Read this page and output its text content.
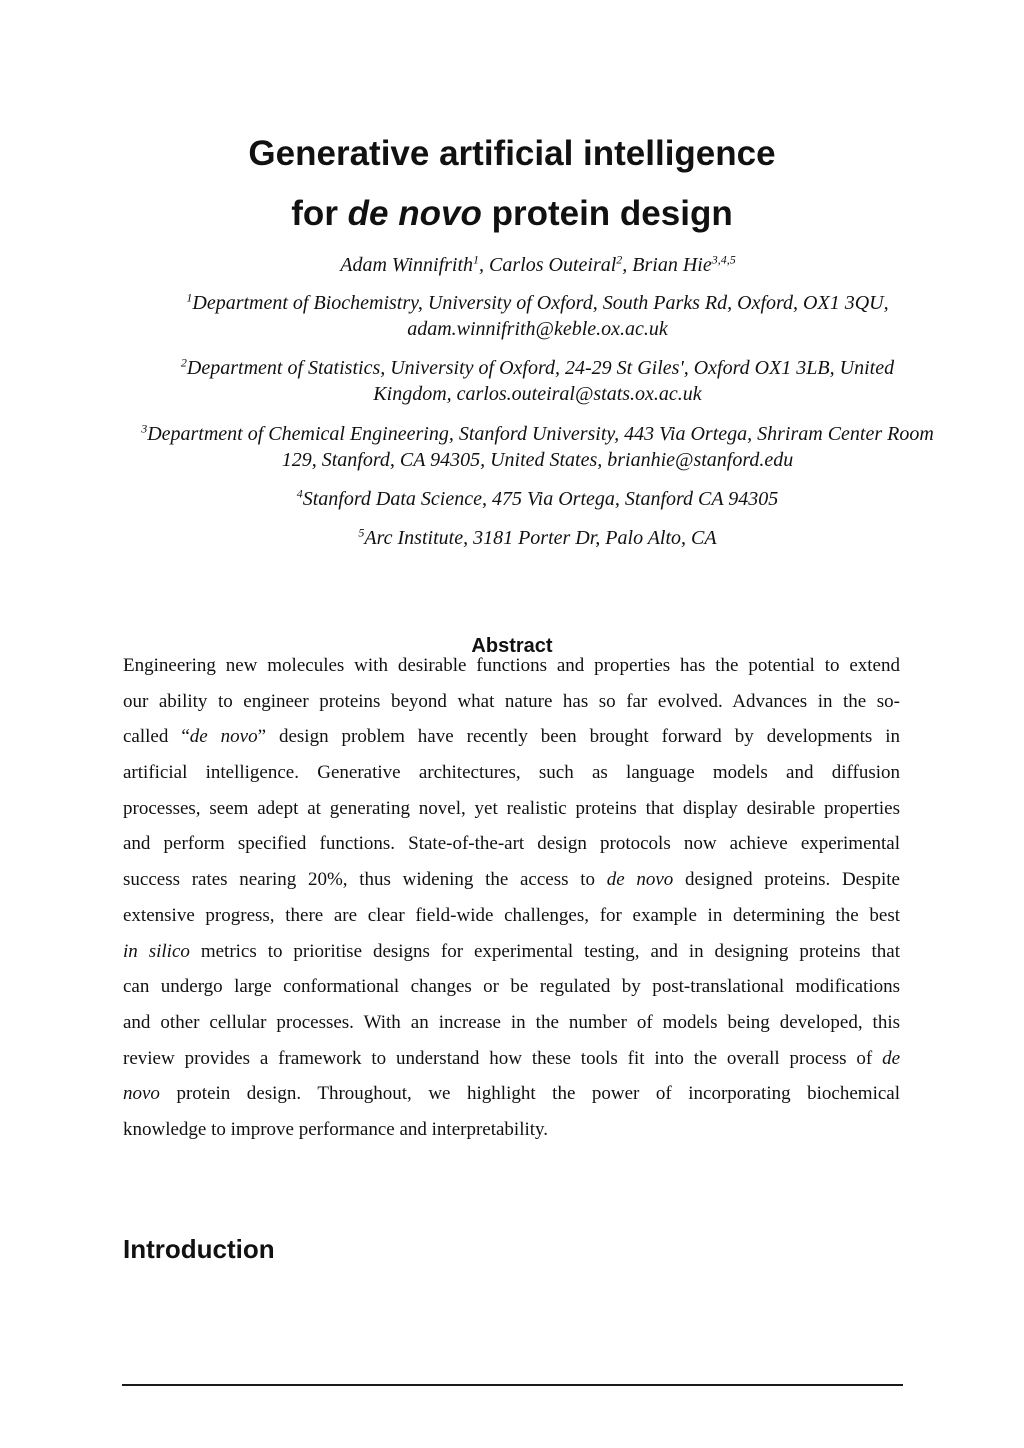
Generative artificial intelligence
for de novo protein design
Adam Winnifrith$^1$, Carlos Outeiral$^2$, Brian Hie$^{3,4,5}$
$^1$Department of Biochemistry, University of Oxford, South Parks Rd, Oxford, OX1 3QU,
adam.winnifrith@keble.ox.ac.uk
$^2$Department of Statistics, University of Oxford, 24-29 St Giles', Oxford OX1 3LB, United
Kingdom, carlos.outeiral@stats.ox.ac.uk
$^3$Department of Chemical Engineering, Stanford University, 443 Via Ortega, Shriram Center Room
129, Stanford, CA 94305, United States, brianhie@stanford.edu
$^4$Stanford Data Science, 475 Via Ortega, Stanford CA 94305
$^5$Arc Institute, 3181 Porter Dr, Palo Alto, CA
Abstract
Engineering new molecules with desirable functions and properties has the potential to extend
our ability to engineer proteins beyond what nature has so far evolved. Advances in the so-
called “de novo” design problem have recently been brought forward by developments in
artificial intelligence. Generative architectures, such as language models and diffusion
processes, seem adept at generating novel, yet realistic proteins that display desirable properties
and perform specified functions. State-of-the-art design protocols now achieve experimental
success rates nearing 20%, thus widening the access to de novo designed proteins. Despite
extensive progress, there are clear field-wide challenges, for example in determining the best
in silico metrics to prioritise designs for experimental testing, and in designing proteins that
can undergo large conformational changes or be regulated by post-translational modifications
and other cellular processes. With an increase in the number of models being developed, this
review provides a framework to understand how these tools fit into the overall process of de
novo protein design. Throughout, we highlight the power of incorporating biochemical
knowledge to improve performance and interpretability.
Introduction
